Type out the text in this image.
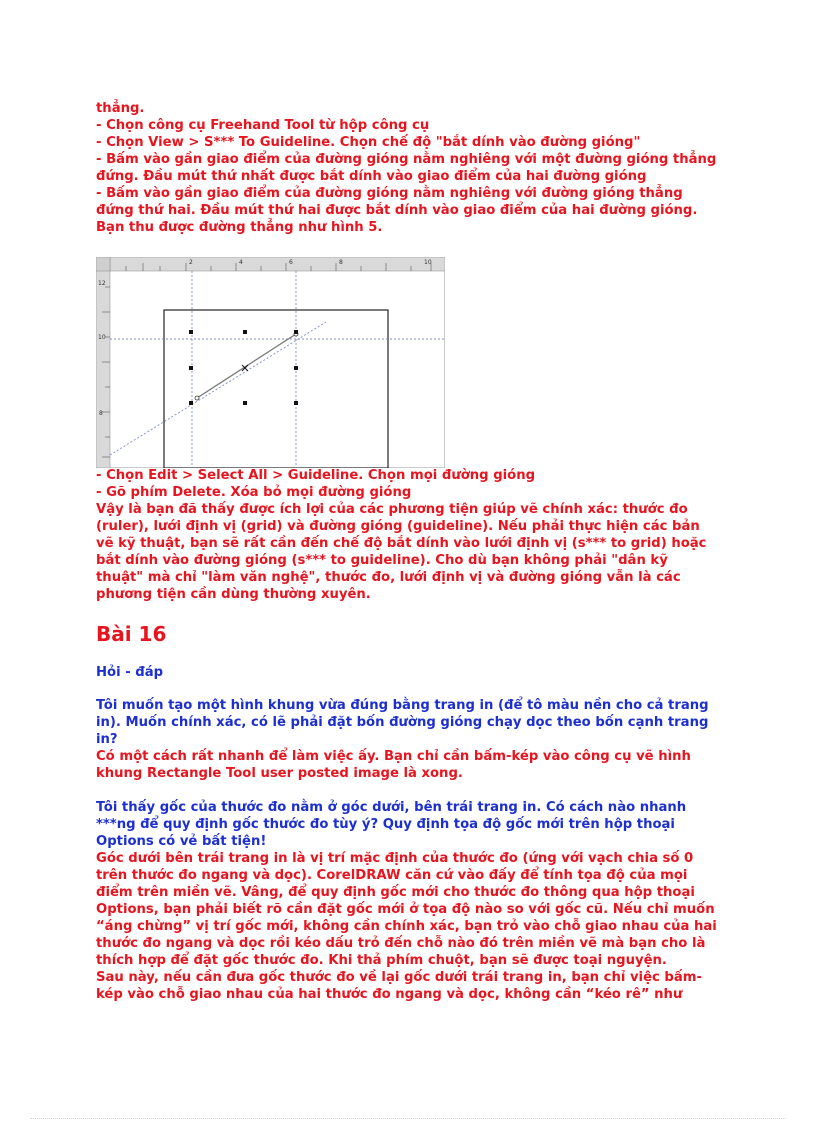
thẳng.
- Chọn công cụ Freehand Tool từ hộp công cụ
- Chọn View > S*** To Guideline. Chọn chế độ "bắt dính vào đường gióng"
- Bấm vào gần giao điểm của đường gióng nằm nghiêng với một đường gióng thẳng
đứng. Đầu mút thứ nhất được bắt dính vào giao điểm của hai đường gióng
- Bấm vào gần giao điểm của đường gióng nằm nghiêng với đường gióng thẳng
đứng thứ hai. Đầu mút thứ hai được bắt dính vào giao điểm của hai đường gióng.
Bạn thu được đường thẳng như hình 5.
2	4	6	8	10
12
10
8
- Chọn Edit > Select All > Guideline. Chọn mọi đường gióng
- Gõ phím Delete. Xóa bỏ mọi đường gióng
Vậy là bạn đã thấy được ích lợi của các phương tiện giúp vẽ chính xác: thước đo
(ruler), lưới định vị (grid) và đường gióng (guideline). Nếu phải thực hiện các bản
vẽ kỹ thuật, bạn sẽ rất cần đến chế độ bắt dính vào lưới định vị (s*** to grid) hoặc
bắt dính vào đường gióng (s*** to guideline). Cho dù bạn không phải "dân kỹ
thuật" mà chỉ "làm văn nghệ", thước đo, lưới định vị và đường gióng vẫn là các
phương tiện cần dùng thường xuyên.
Bài 16
Hỏi - đáp
Tôi muốn tạo một hình khung vừa đúng bằng trang in (để tô màu nền cho cả trang
in). Muốn chính xác, có lẽ phải đặt bốn đường gióng chạy dọc theo bốn cạnh trang
in?
Có một cách rất nhanh để làm việc ấy. Bạn chỉ cần bấm-kép vào công cụ vẽ hình
khung Rectangle Tool user posted image là xong.
Tôi thấy gốc của thước đo nằm ở góc dưới, bên trái trang in. Có cách nào nhanh
***ng để quy định gốc thước đo tùy ý? Quy định tọa độ gốc mới trên hộp thoại
Options có vẻ bất tiện!
Góc dưới bên trái trang in là vị trí mặc định của thước đo (ứng với vạch chia số 0
trên thước đo ngang và dọc). CorelDRAW căn cứ vào đấy để tính tọa độ của mọi
điểm trên miền vẽ. Vâng, để quy định gốc mới cho thước đo thông qua hộp thoại
Options, bạn phải biết rõ cần đặt gốc mới ở tọa độ nào so với gốc cũ. Nếu chỉ muốn
“áng chừng” vị trí gốc mới, không cần chính xác, bạn trỏ vào chỗ giao nhau của hai
thước đo ngang và dọc rồi kéo dấu trỏ đến chỗ nào đó trên miền vẽ mà bạn cho là
thích hợp để đặt gốc thước đo. Khi thả phím chuột, bạn sẽ được toại nguyện.
Sau này, nếu cần đưa gốc thước đo về lại gốc dưới trái trang in, bạn chỉ việc bấm-
kép vào chỗ giao nhau của hai thước đo ngang và dọc, không cần “kéo rê” như
